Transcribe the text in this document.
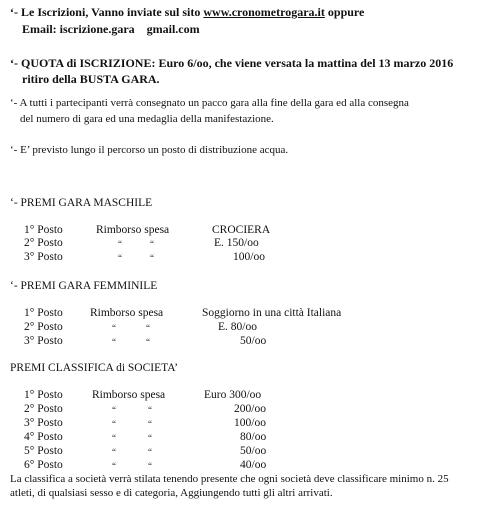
‘- Le Iscrizioni, Vanno inviate sul sito www.cronometrogara.it oppure
Email: iscrizione.gara    gmail.com
‘- QUOTA di ISCRIZIONE: Euro 6/oo, che viene versata la mattina del 13 marzo 2016
ritiro della BUSTA GARA.
‘- A tutti i partecipanti verrà consegnato un pacco gara alla fine della gara ed alla consegna
del numero di gara ed una medaglia della manifestazione.
‘- E’ previsto lungo il percorso un posto di distribuzione acqua.
‘- PREMI GARA MASCHILE
1° Posto	Rimborso spesa	CROCIERA
2° Posto	“	“	E. 150/oo
3° Posto	“	“	100/oo
‘- PREMI GARA FEMMINILE
1° Posto Rimborso spesa	Soggiorno in una città Italiana
2° Posto	“	“	E. 80/oo
3° Posto	“	“	50/oo
PREMI CLASSIFICA di SOCIETA’
1° Posto	Rimborso spesa	Euro 300/oo
2° Posto	“	“	200/oo
3° Posto	“	“	100/oo
4° Posto	“	“	80/oo
5° Posto	“	“	50/oo
6° Posto	“	“	40/oo
La classifica a società verrà stilata tenendo presente che ogni società deve classificare minimo n. 25
atleti, di qualsiasi sesso e di categoria, Aggiungendo tutti gli altri arrivati.
